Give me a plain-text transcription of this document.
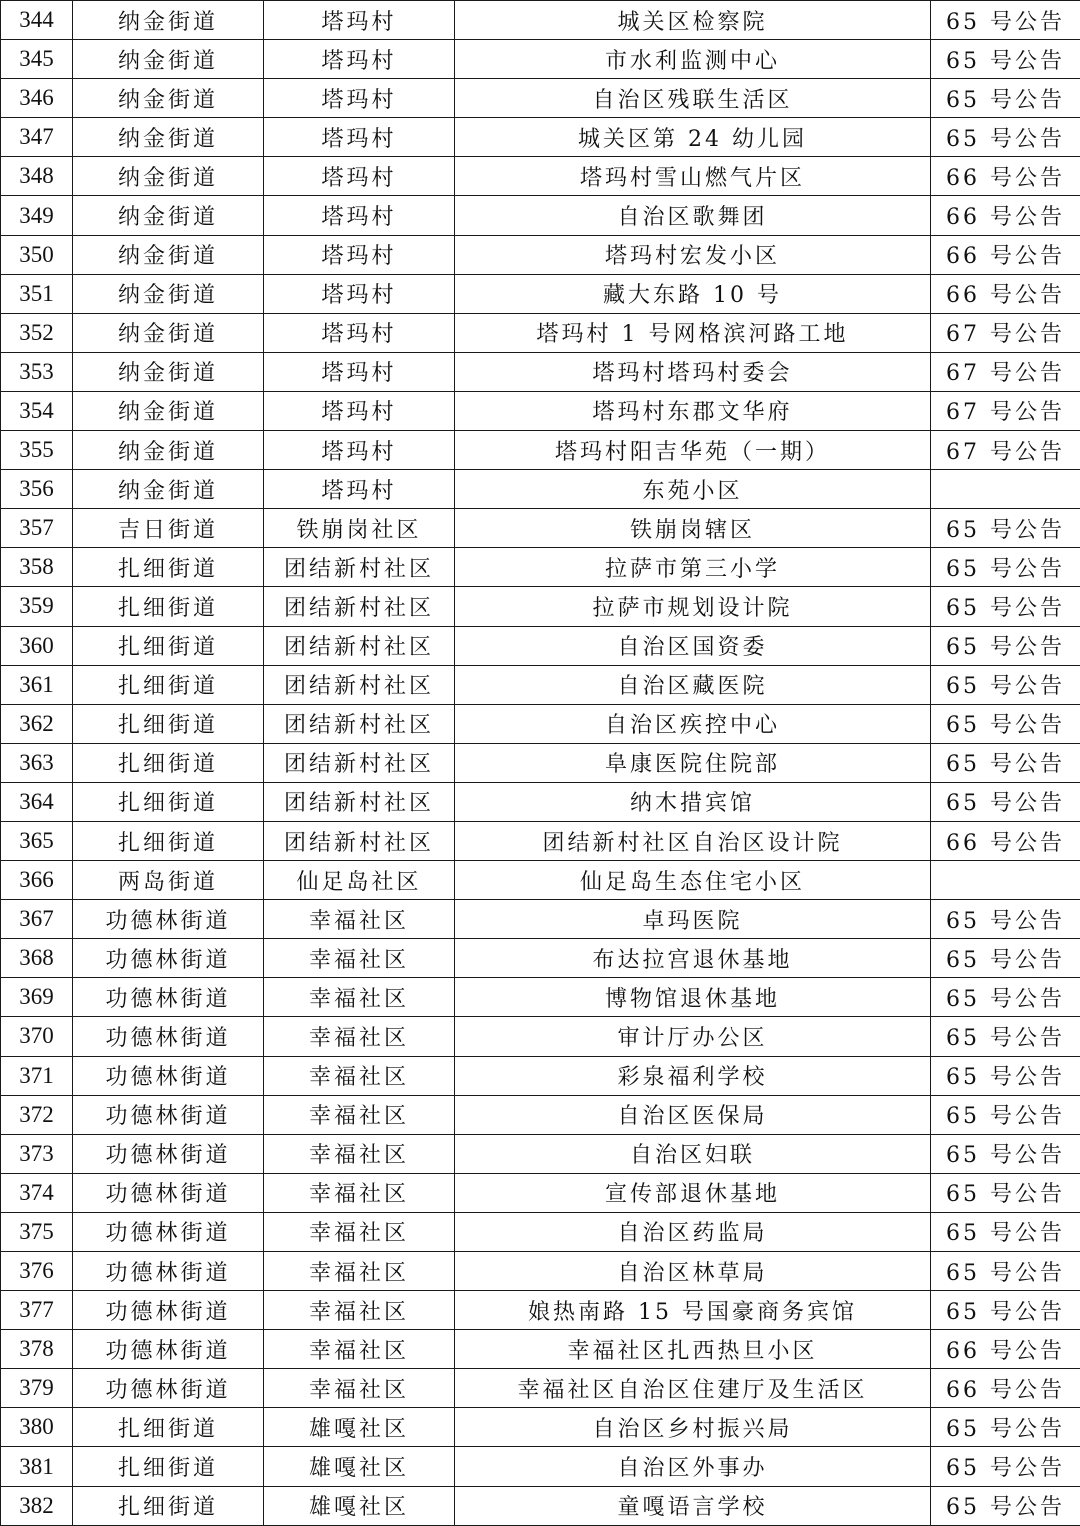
344	纳金街道	塔玛村	城关区检察院	65 号公告
345	纳金街道	塔玛村	市水利监测中心	65 号公告
346	纳金街道	塔玛村	自治区残联生活区	65 号公告
347	纳金街道	塔玛村	城关区第 24 幼儿园	65 号公告
348	纳金街道	塔玛村	塔玛村雪山燃气片区	66 号公告
349	纳金街道	塔玛村	自治区歌舞团	66 号公告
350	纳金街道	塔玛村	塔玛村宏发小区	66 号公告
351	纳金街道	塔玛村	藏大东路 10 号	66 号公告
352	纳金街道	塔玛村	塔玛村 1 号网格滨河路工地	67 号公告
353	纳金街道	塔玛村	塔玛村塔玛村委会	67 号公告
354	纳金街道	塔玛村	塔玛村东郡文华府	67 号公告
355	纳金街道	塔玛村	塔玛村阳吉华苑（一期）	67 号公告
356	纳金街道	塔玛村	东苑小区	
357	吉日街道	铁崩岗社区	铁崩岗辖区	65 号公告
358	扎细街道	团结新村社区	拉萨市第三小学	65 号公告
359	扎细街道	团结新村社区	拉萨市规划设计院	65 号公告
360	扎细街道	团结新村社区	自治区国资委	65 号公告
361	扎细街道	团结新村社区	自治区藏医院	65 号公告
362	扎细街道	团结新村社区	自治区疾控中心	65 号公告
363	扎细街道	团结新村社区	阜康医院住院部	65 号公告
364	扎细街道	团结新村社区	纳木措宾馆	65 号公告
365	扎细街道	团结新村社区	团结新村社区自治区设计院	66 号公告
366	两岛街道	仙足岛社区	仙足岛生态住宅小区	
367	功德林街道	幸福社区	卓玛医院	65 号公告
368	功德林街道	幸福社区	布达拉宫退休基地	65 号公告
369	功德林街道	幸福社区	博物馆退休基地	65 号公告
370	功德林街道	幸福社区	审计厅办公区	65 号公告
371	功德林街道	幸福社区	彩泉福利学校	65 号公告
372	功德林街道	幸福社区	自治区医保局	65 号公告
373	功德林街道	幸福社区	自治区妇联	65 号公告
374	功德林街道	幸福社区	宣传部退休基地	65 号公告
375	功德林街道	幸福社区	自治区药监局	65 号公告
376	功德林街道	幸福社区	自治区林草局	65 号公告
377	功德林街道	幸福社区	娘热南路 15 号国豪商务宾馆	65 号公告
378	功德林街道	幸福社区	幸福社区扎西热旦小区	66 号公告
379	功德林街道	幸福社区	幸福社区自治区住建厅及生活区	66 号公告
380	扎细街道	雄嘎社区	自治区乡村振兴局	65 号公告
381	扎细街道	雄嘎社区	自治区外事办	65 号公告
382	扎细街道	雄嘎社区	童嘎语言学校	65 号公告
